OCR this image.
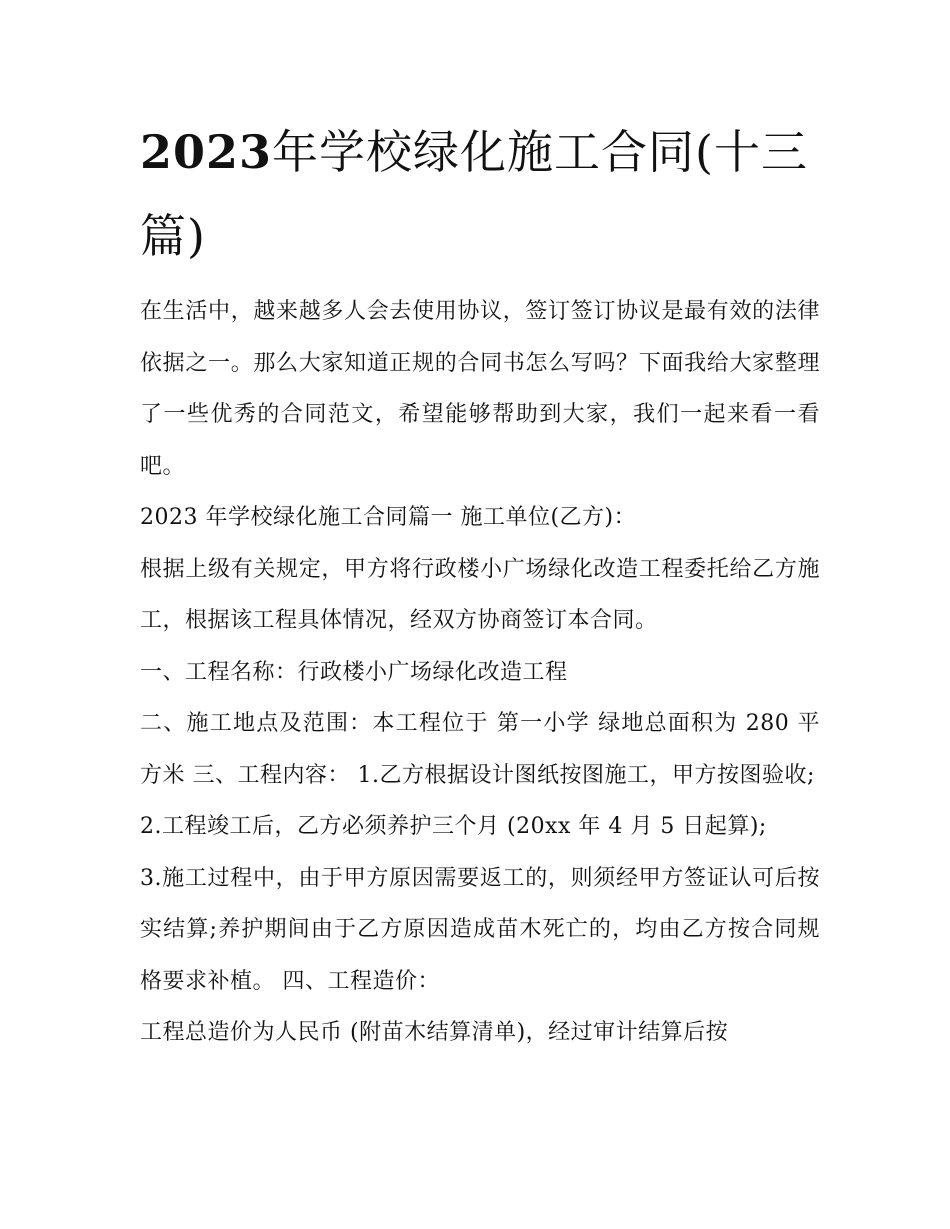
2023年学校绿化施工合同(十三篇)

在生活中，越来越多人会去使用协议，签订签订协议是最有效的法律依据之一。那么大家知道正规的合同书怎么写吗？下面我给大家整理了一些优秀的合同范文，希望能够帮助到大家，我们一起来看一看吧。

2023 年学校绿化施工合同篇一 施工单位(乙方)：

根据上级有关规定，甲方将行政楼小广场绿化改造工程委托给乙方施工，根据该工程具体情况，经双方协商签订本合同。

一、工程名称：行政楼小广场绿化改造工程

二、施工地点及范围：本工程位于 第一小学 绿地总面积为 280 平方米 三、工程内容： 1.乙方根据设计图纸按图施工，甲方按图验收;

2.工程竣工后，乙方必须养护三个月 (20xx 年 4 月 5 日起算);

3.施工过程中，由于甲方原因需要返工的，则须经甲方签证认可后按实结算;养护期间由于乙方原因造成苗木死亡的，均由乙方按合同规格要求补植。 四、工程造价：

工程总造价为人民币 (附苗木结算清单)，经过审计结算后按
